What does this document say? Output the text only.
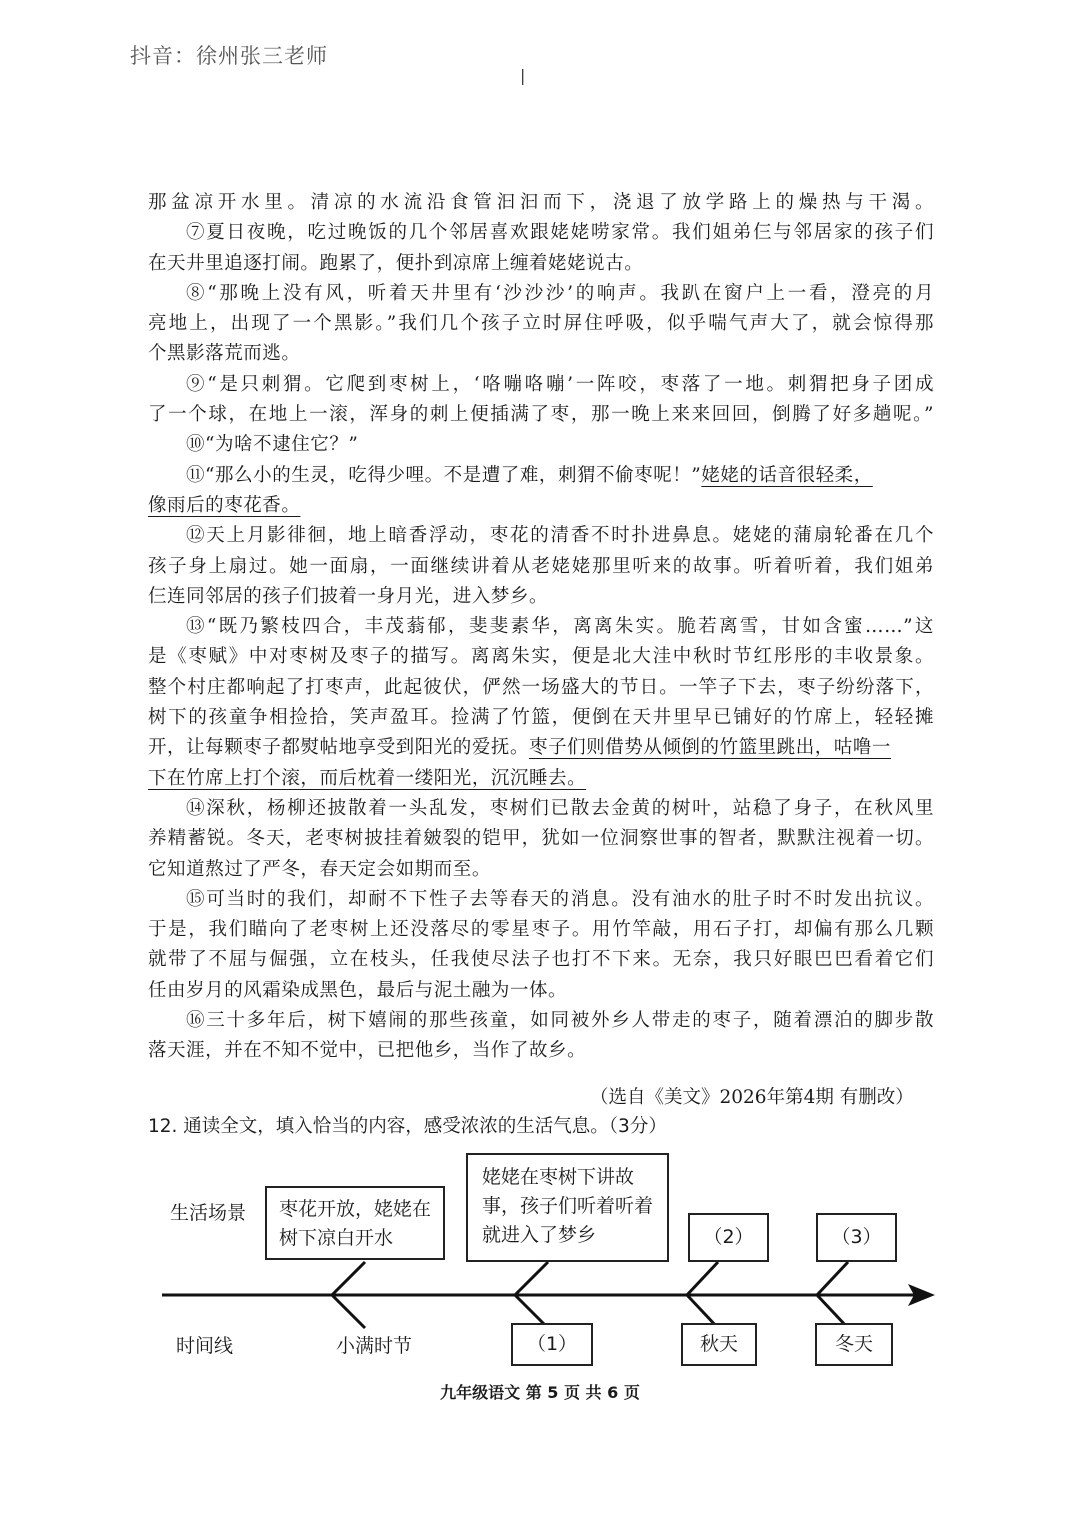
抖音：徐州张三老师
|
那盆凉开水里。清凉的水流沿食管汩汩而下，浇退了放学路上的燥热与干渴。
⑦夏日夜晚，吃过晚饭的几个邻居喜欢跟姥姥唠家常。我们姐弟仨与邻居家的孩子们
在天井里追逐打闹。跑累了，便扑到凉席上缠着姥姥说古。
⑧“那晚上没有风，听着天井里有‘沙沙沙’的响声。我趴在窗户上一看，澄亮的月
亮地上，出现了一个黑影。”我们几个孩子立时屏住呼吸，似乎喘气声大了，就会惊得那
个黑影落荒而逃。
⑨“是只刺猬。它爬到枣树上，‘咯嘣咯嘣’一阵咬，枣落了一地。刺猬把身子团成
了一个球，在地上一滚，浑身的刺上便插满了枣，那一晚上来来回回，倒腾了好多趟呢。”
⑩“为啥不逮住它？”
⑪“那么小的生灵，吃得少哩。不是遭了难，刺猬不偷枣呢！”姥姥的话音很轻柔，
像雨后的枣花香。
⑫天上月影徘徊，地上暗香浮动，枣花的清香不时扑进鼻息。姥姥的蒲扇轮番在几个
孩子身上扇过。她一面扇，一面继续讲着从老姥姥那里听来的故事。听着听着，我们姐弟
仨连同邻居的孩子们披着一身月光，进入梦乡。
⑬“既乃繁枝四合，丰茂蓊郁，斐斐素华，离离朱实。脆若离雪，甘如含蜜……”这
是《枣赋》中对枣树及枣子的描写。离离朱实，便是北大洼中秋时节红彤彤的丰收景象。
整个村庄都响起了打枣声，此起彼伏，俨然一场盛大的节日。一竿子下去，枣子纷纷落下，
树下的孩童争相捡拾，笑声盈耳。捡满了竹篮，便倒在天井里早已铺好的竹席上，轻轻摊
开，让每颗枣子都熨帖地享受到阳光的爱抚。枣子们则借势从倾倒的竹篮里跳出，咕噜一
下在竹席上打个滚，而后枕着一缕阳光，沉沉睡去。
⑭深秋，杨柳还披散着一头乱发，枣树们已散去金黄的树叶，站稳了身子，在秋风里
养精蓄锐。冬天，老枣树披挂着皴裂的铠甲，犹如一位洞察世事的智者，默默注视着一切。
它知道熬过了严冬，春天定会如期而至。
⑮可当时的我们，却耐不下性子去等春天的消息。没有油水的肚子时不时发出抗议。
于是，我们瞄向了老枣树上还没落尽的零星枣子。用竹竿敲，用石子打，却偏有那么几颗
就带了不屈与倔强，立在枝头，任我使尽法子也打不下来。无奈，我只好眼巴巴看着它们
任由岁月的风霜染成黑色，最后与泥土融为一体。
⑯三十多年后，树下嬉闹的那些孩童，如同被外乡人带走的枣子，随着漂泊的脚步散
落天涯，并在不知不觉中，已把他乡，当作了故乡。
（选自《美文》2026年第4期 有删改）
12. 通读全文，填入恰当的内容，感受浓浓的生活气息。（3分）
生活场景
时间线
枣花开放，姥姥在树下凉白开水
姥姥在枣树下讲故事，孩子们听着听着就进入了梦乡	（2）	（3）
小满时节	（1）	秋天	冬天
九年级语文 第 5 页 共 6 页
